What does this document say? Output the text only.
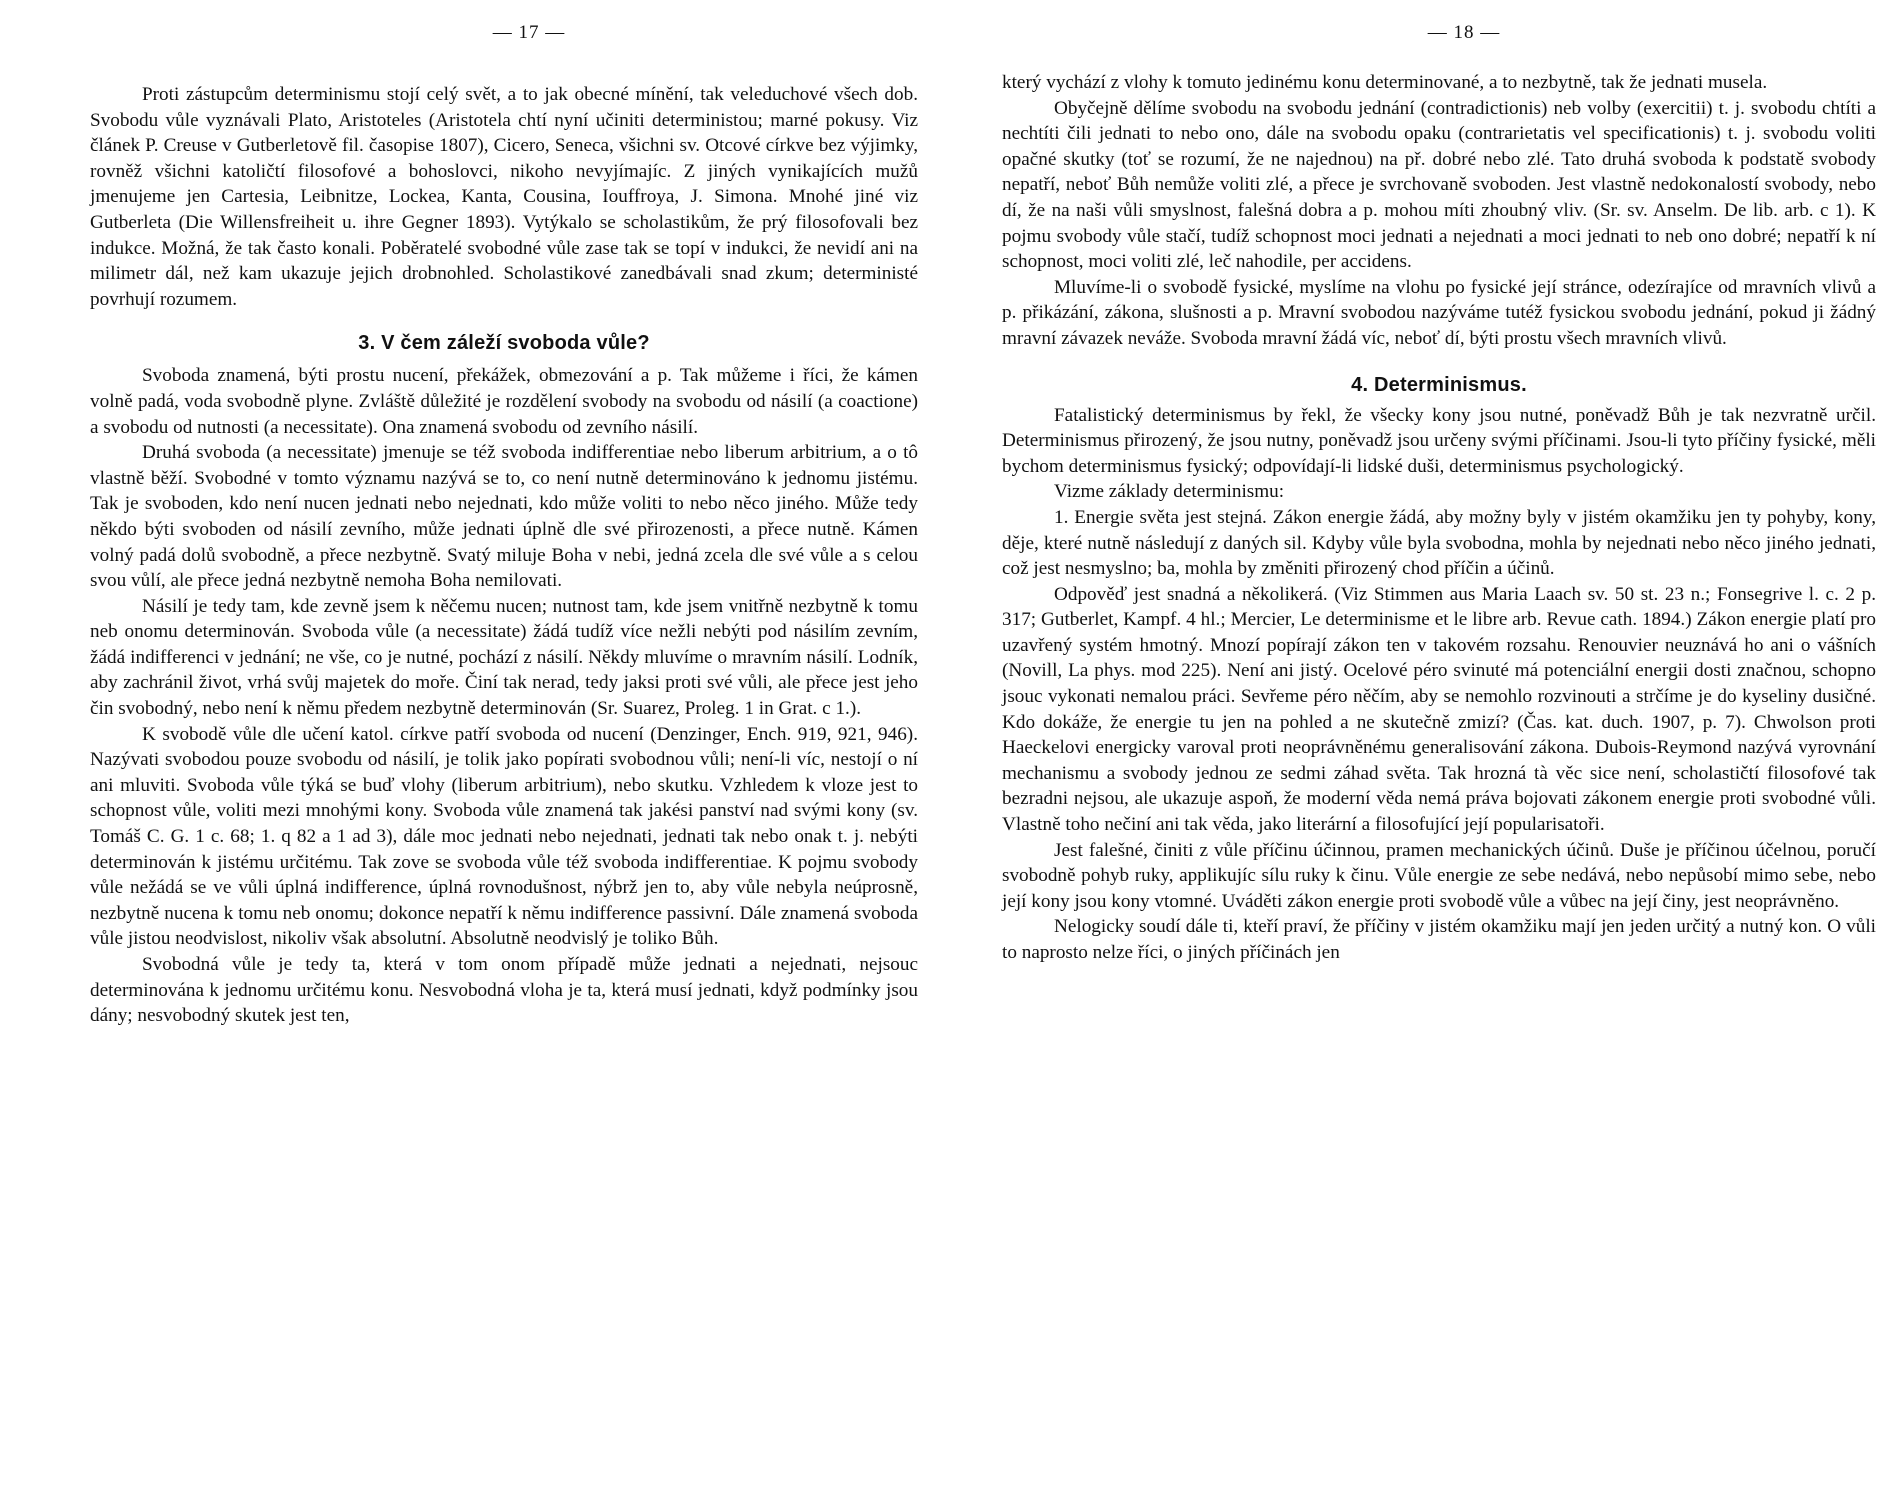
— 17 —

Proti zástupcům determinismu stojí celý svět, a to jak obecné mínění, tak veleduchové všech dob. Svobodu vůle vyznávali Plato, Aristoteles (Aristotela chtí nyní učiniti deterministou; marné pokusy. Viz článek P. Creuse v Gutberletově fil. časopise 1807), Cicero, Seneca, všichni sv. Otcové církve bez výjimky, rovněž všichni katoličtí filosofové a bohoslovci, nikoho nevyjímajíc. Z jiných vynikajících mužů jmenujeme jen Cartesia, Leibnitze, Lockea, Kanta, Cousina, Iouffroya, J. Simona. Mnohé jiné viz Gutberleta (Die Willensfreiheit u. ihre Gegner 1893). Vytýkalo se scholastikům, že prý filosofovali bez indukce. Možná, že tak často konali. Poběratelé svobodné vůle zase tak se topí v indukci, že nevidí ani na milimetr dál, než kam ukazuje jejich drobnohled. Scholastikové zanedbávali snad zkum; deterministé povrhují rozumem.

3. V čem záleží svoboda vůle?

Svoboda znamená, býti prostu nucení, překážek, obmezování a p. Tak můžeme i říci, že kámen volně padá, voda svobodně plyne. Zvláště důležité je rozdělení svobody na svobodu od násilí (a coactione) a svobodu od nutnosti (a necessitate). Ona znamená svobodu od zevního násilí.

Druhá svoboda (a necessitate) jmenuje se též svoboda indifferentiae nebo liberum arbitrium, a o tô vlastně běží. Svobodné v tomto významu nazývá se to, co není nutně determinováno k jednomu jistému. Tak je svoboden, kdo není nucen jednati nebo nejednati, kdo může voliti to nebo něco jiného. Může tedy někdo býti svoboden od násilí zevního, může jednati úplně dle své přirozenosti, a přece nutně. Kámen volný padá dolů svobodně, a přece nezbytně. Svatý miluje Boha v nebi, jedná zcela dle své vůle a s celou svou vůlí, ale přece jedná nezbytně nemoha Boha nemilovati.

Násilí je tedy tam, kde zevně jsem k něčemu nucen; nutnost tam, kde jsem vnitřně nezbytně k tomu neb onomu determinován. Svoboda vůle (a necessitate) žádá tudíž více nežli nebýti pod násilím zevním, žádá indifferenci v jednání; ne vše, co je nutné, pochází z násilí. Někdy mluvíme o mravním násilí. Lodník, aby zachránil život, vrhá svůj majetek do moře. Činí tak nerad, tedy jaksi proti své vůli, ale přece jest jeho čin svobodný, nebo není k němu předem nezbytně determinován (Sr. Suarez, Proleg. 1 in Grat. c 1.).

K svobodě vůle dle učení katol. církve patří svoboda od nucení (Denzinger, Ench. 919, 921, 946). Nazývati svobodou pouze svobodu od násilí, je tolik jako popírati svobodnou vůli; není-li víc, nestojí o ní ani mluviti. Svoboda vůle týká se buď vlohy (liberum arbitrium), nebo skutku. Vzhledem k vloze jest to schopnost vůle, voliti mezi mnohými kony. Svoboda vůle znamená tak jakési panství nad svými kony (sv. Tomáš C. G. 1 c. 68; 1. q 82 a 1 ad 3), dále moc jednati nebo nejednati, jednati tak nebo onak t. j. nebýti determinován k jistému určitému. Tak zove se svoboda vůle též svoboda indifferentiae. K pojmu svobody vůle nežádá se ve vůli úplná indifference, úplná rovnodušnost, nýbrž jen to, aby vůle nebyla neúprosně, nezbytně nucena k tomu neb onomu; dokonce nepatří k němu indifference passivní. Dále znamená svoboda vůle jistou neodvislost, nikoliv však absolutní. Absolutně neodvislý je toliko Bůh.

Svobodná vůle je tedy ta, která v tom onom případě může jednati a nejednati, nejsouc determinována k jednomu určitému konu. Nesvobodná vloha je ta, která musí jednati, když podmínky jsou dány; nesvobodný skutek jest ten,

— 18 —

který vychází z vlohy k tomuto jedinému konu determinované, a to nezbytně, tak že jednati musela.

Obyčejně dělíme svobodu na svobodu jednání (contradictionis) neb volby (exercitii) t. j. svobodu chtíti a nechtíti čili jednati to nebo ono, dále na svobodu opaku (contrarietatis vel specificationis) t. j. svobodu voliti opačné skutky (toť se rozumí, že ne najednou) na př. dobré nebo zlé. Tato druhá svoboda k podstatě svobody nepatří, neboť Bůh nemůže voliti zlé, a přece je svrchovaně svoboden. Jest vlastně nedokonalostí svobody, nebo dí, že na naši vůli smyslnost, falešná dobra a p. mohou míti zhoubný vliv. (Sr. sv. Anselm. De lib. arb. c 1). K pojmu svobody vůle stačí, tudíž schopnost moci jednati a nejednati a moci jednati to neb ono dobré; nepatří k ní schopnost, moci voliti zlé, leč nahodile, per accidens.

Mluvíme-li o svobodě fysické, myslíme na vlohu po fysické její stránce, odezírajíce od mravních vlivů a p. přikázání, zákona, slušnosti a p. Mravní svobodou nazýváme tutéž fysickou svobodu jednání, pokud ji žádný mravní závazek neváže. Svoboda mravní žádá víc, neboť dí, býti prostu všech mravních vlivů.

4. Determinismus.

Fatalistický determinismus by řekl, že všecky kony jsou nutné, poněvadž Bůh je tak nezvratně určil. Determinismus přirozený, že jsou nutny, poněvadž jsou určeny svými příčinami. Jsou-li tyto příčiny fysické, měli bychom determinismus fysický; odpovídají-li lidské duši, determinismus psychologický.

Vizme základy determinismu:

1. Energie světa jest stejná. Zákon energie žádá, aby možny byly v jistém okamžiku jen ty pohyby, kony, děje, které nutně následují z daných sil. Kdyby vůle byla svobodna, mohla by nejednati nebo něco jiného jednati, což jest nesmyslno; ba, mohla by změniti přirozený chod příčin a účinů.

Odpověď jest snadná a několikerá. (Viz Stimmen aus Maria Laach sv. 50 st. 23 n.; Fonsegrive l. c. 2 p. 317; Gutberlet, Kampf. 4 hl.; Mercier, Le determinisme et le libre arb. Revue cath. 1894.) Zákon energie platí pro uzavřený systém hmotný. Mnozí popírají zákon ten v takovém rozsahu. Renouvier neuznává ho ani o vášních (Novill, La phys. mod 225). Není ani jistý. Ocelové péro svinuté má potenciální energii dosti značnou, schopno jsouc vykonati nemalou práci. Sevřeme péro něčím, aby se nemohlo rozvinouti a strčíme je do kyseliny dusičné. Kdo dokáže, že energie tu jen na pohled a ne skutečně zmizí? (Čas. kat. duch. 1907, p. 7). Chwolson proti Haeckelovi energicky varoval proti neoprávněnému generalisování zákona. Dubois-Reymond nazývá vyrovnání mechanismu a svobody jednou ze sedmi záhad světa. Tak hrozná tà věc sice není, scholastičtí filosofové tak bezradni nejsou, ale ukazuje aspoň, že moderní věda nemá práva bojovati zákonem energie proti svobodné vůli. Vlastně toho nečiní ani tak věda, jako literární a filosofující její popularisatoři.

Jest falešné, činiti z vůle příčinu účinnou, pramen mechanických účinů. Duše je příčinou účelnou, poručí svobodně pohyb ruky, applikujíc sílu ruky k činu. Vůle energie ze sebe nedává, nebo nepůsobí mimo sebe, nebo její kony jsou kony vtomné. Uváděti zákon energie proti svobodě vůle a vůbec na její činy, jest neoprávněno.

Nelogicky soudí dále ti, kteří praví, že příčiny v jistém okamžiku mají jen jeden určitý a nutný kon. O vůli to naprosto nelze říci, o jiných příčinách jen
